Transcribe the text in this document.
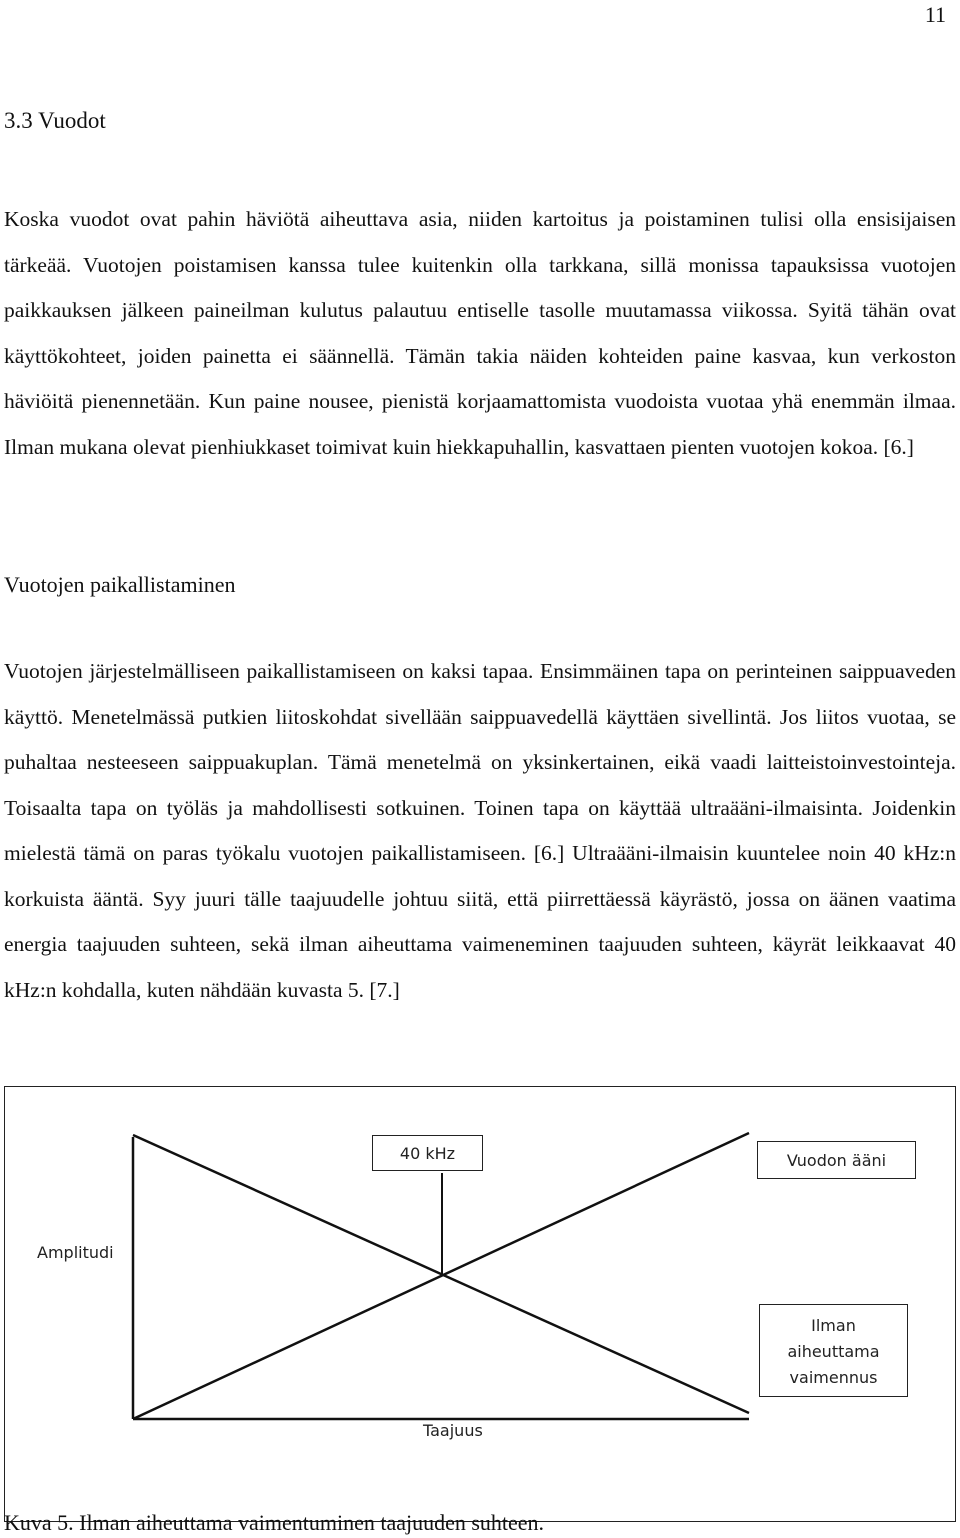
11
3.3 Vuodot

Koska vuodot ovat pahin häviötä aiheuttava asia, niiden kartoitus ja poistaminen tulisi olla ensisijaisen tärkeää. Vuotojen poistamisen kanssa tulee kuitenkin olla tarkkana, sillä monissa tapauksissa vuotojen paikkauksen jälkeen paineilman kulutus palautuu entiselle tasolle muutamassa viikossa. Syitä tähän ovat käyttökohteet, joiden painetta ei säännellä. Tämän takia näiden kohteiden paine kasvaa, kun verkoston häviöitä pienennetään. Kun paine nousee, pienistä korjaamattomista vuodoista vuotaa yhä enemmän ilmaa. Ilman mukana olevat pienhiukkaset toimivat kuin hiekkapuhallin, kasvattaen pienten vuotojen kokoa. [6.]

Vuotojen paikallistaminen

Vuotojen järjestelmälliseen paikallistamiseen on kaksi tapaa. Ensimmäinen tapa on perinteinen saippuaveden käyttö. Menetelmässä putkien liitoskohdat sivellään saippuavedellä käyttäen sivellintä. Jos liitos vuotaa, se puhaltaa nesteeseen saippuakuplan. Tämä menetelmä on yksinkertainen, eikä vaadi laitteistoinvestointeja. Toisaalta tapa on työläs ja mahdollisesti sotkuinen. Toinen tapa on käyttää ultraääni-ilmaisinta. Joidenkin mielestä tämä on paras työkalu vuotojen paikallistamiseen. [6.] Ultraääni-ilmaisin kuuntelee noin 40 kHz:n korkuista ääntä. Syy juuri tälle taajuudelle johtuu siitä, että piirrettäessä käyrästö, jossa on äänen vaatima energia taajuuden suhteen, sekä ilman aiheuttama vaimeneminen taajuuden suhteen, käyrät leikkaavat 40 kHz:n kohdalla, kuten nähdään kuvasta 5. [7.]

40 kHz	Vuodon ääni
Ilman
aiheuttama
vaimennus
Amplitudi
Taajuus
Kuva 5. Ilman aiheuttama vaimentuminen taajuuden suhteen.
